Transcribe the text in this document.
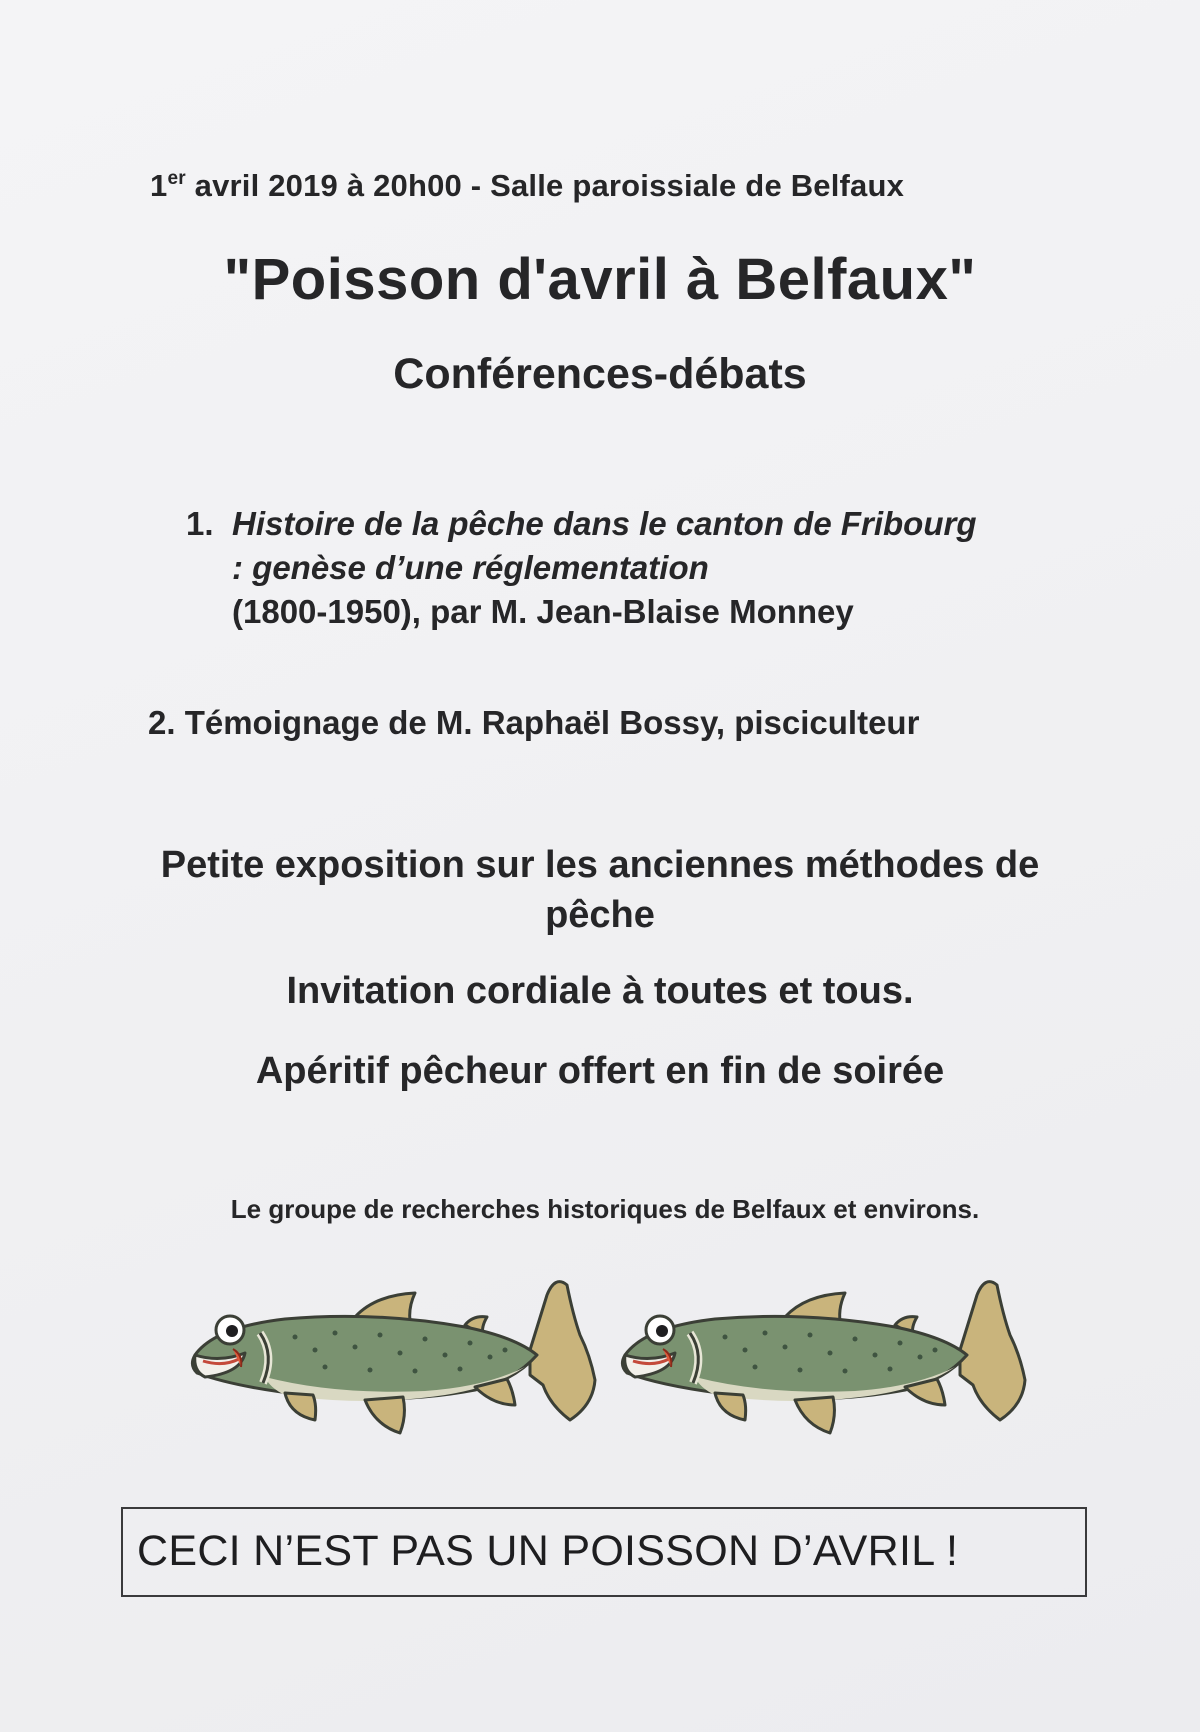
1er avril 2019 à 20h00 - Salle paroissiale de Belfaux
"Poisson d'avril à Belfaux"
Conférences-débats
1. Histoire de la pêche dans le canton de Fribourg : genèse d’une réglementation
(1800-1950), par M. Jean-Blaise Monney
2. Témoignage de M. Raphaël Bossy, pisciculteur
Petite exposition sur les anciennes méthodes de pêche
Invitation cordiale à toutes et tous.
Apéritif pêcheur offert en fin de soirée
Le groupe de recherches historiques de Belfaux et environs.
CECI N’EST PAS UN POISSON D’AVRIL !
